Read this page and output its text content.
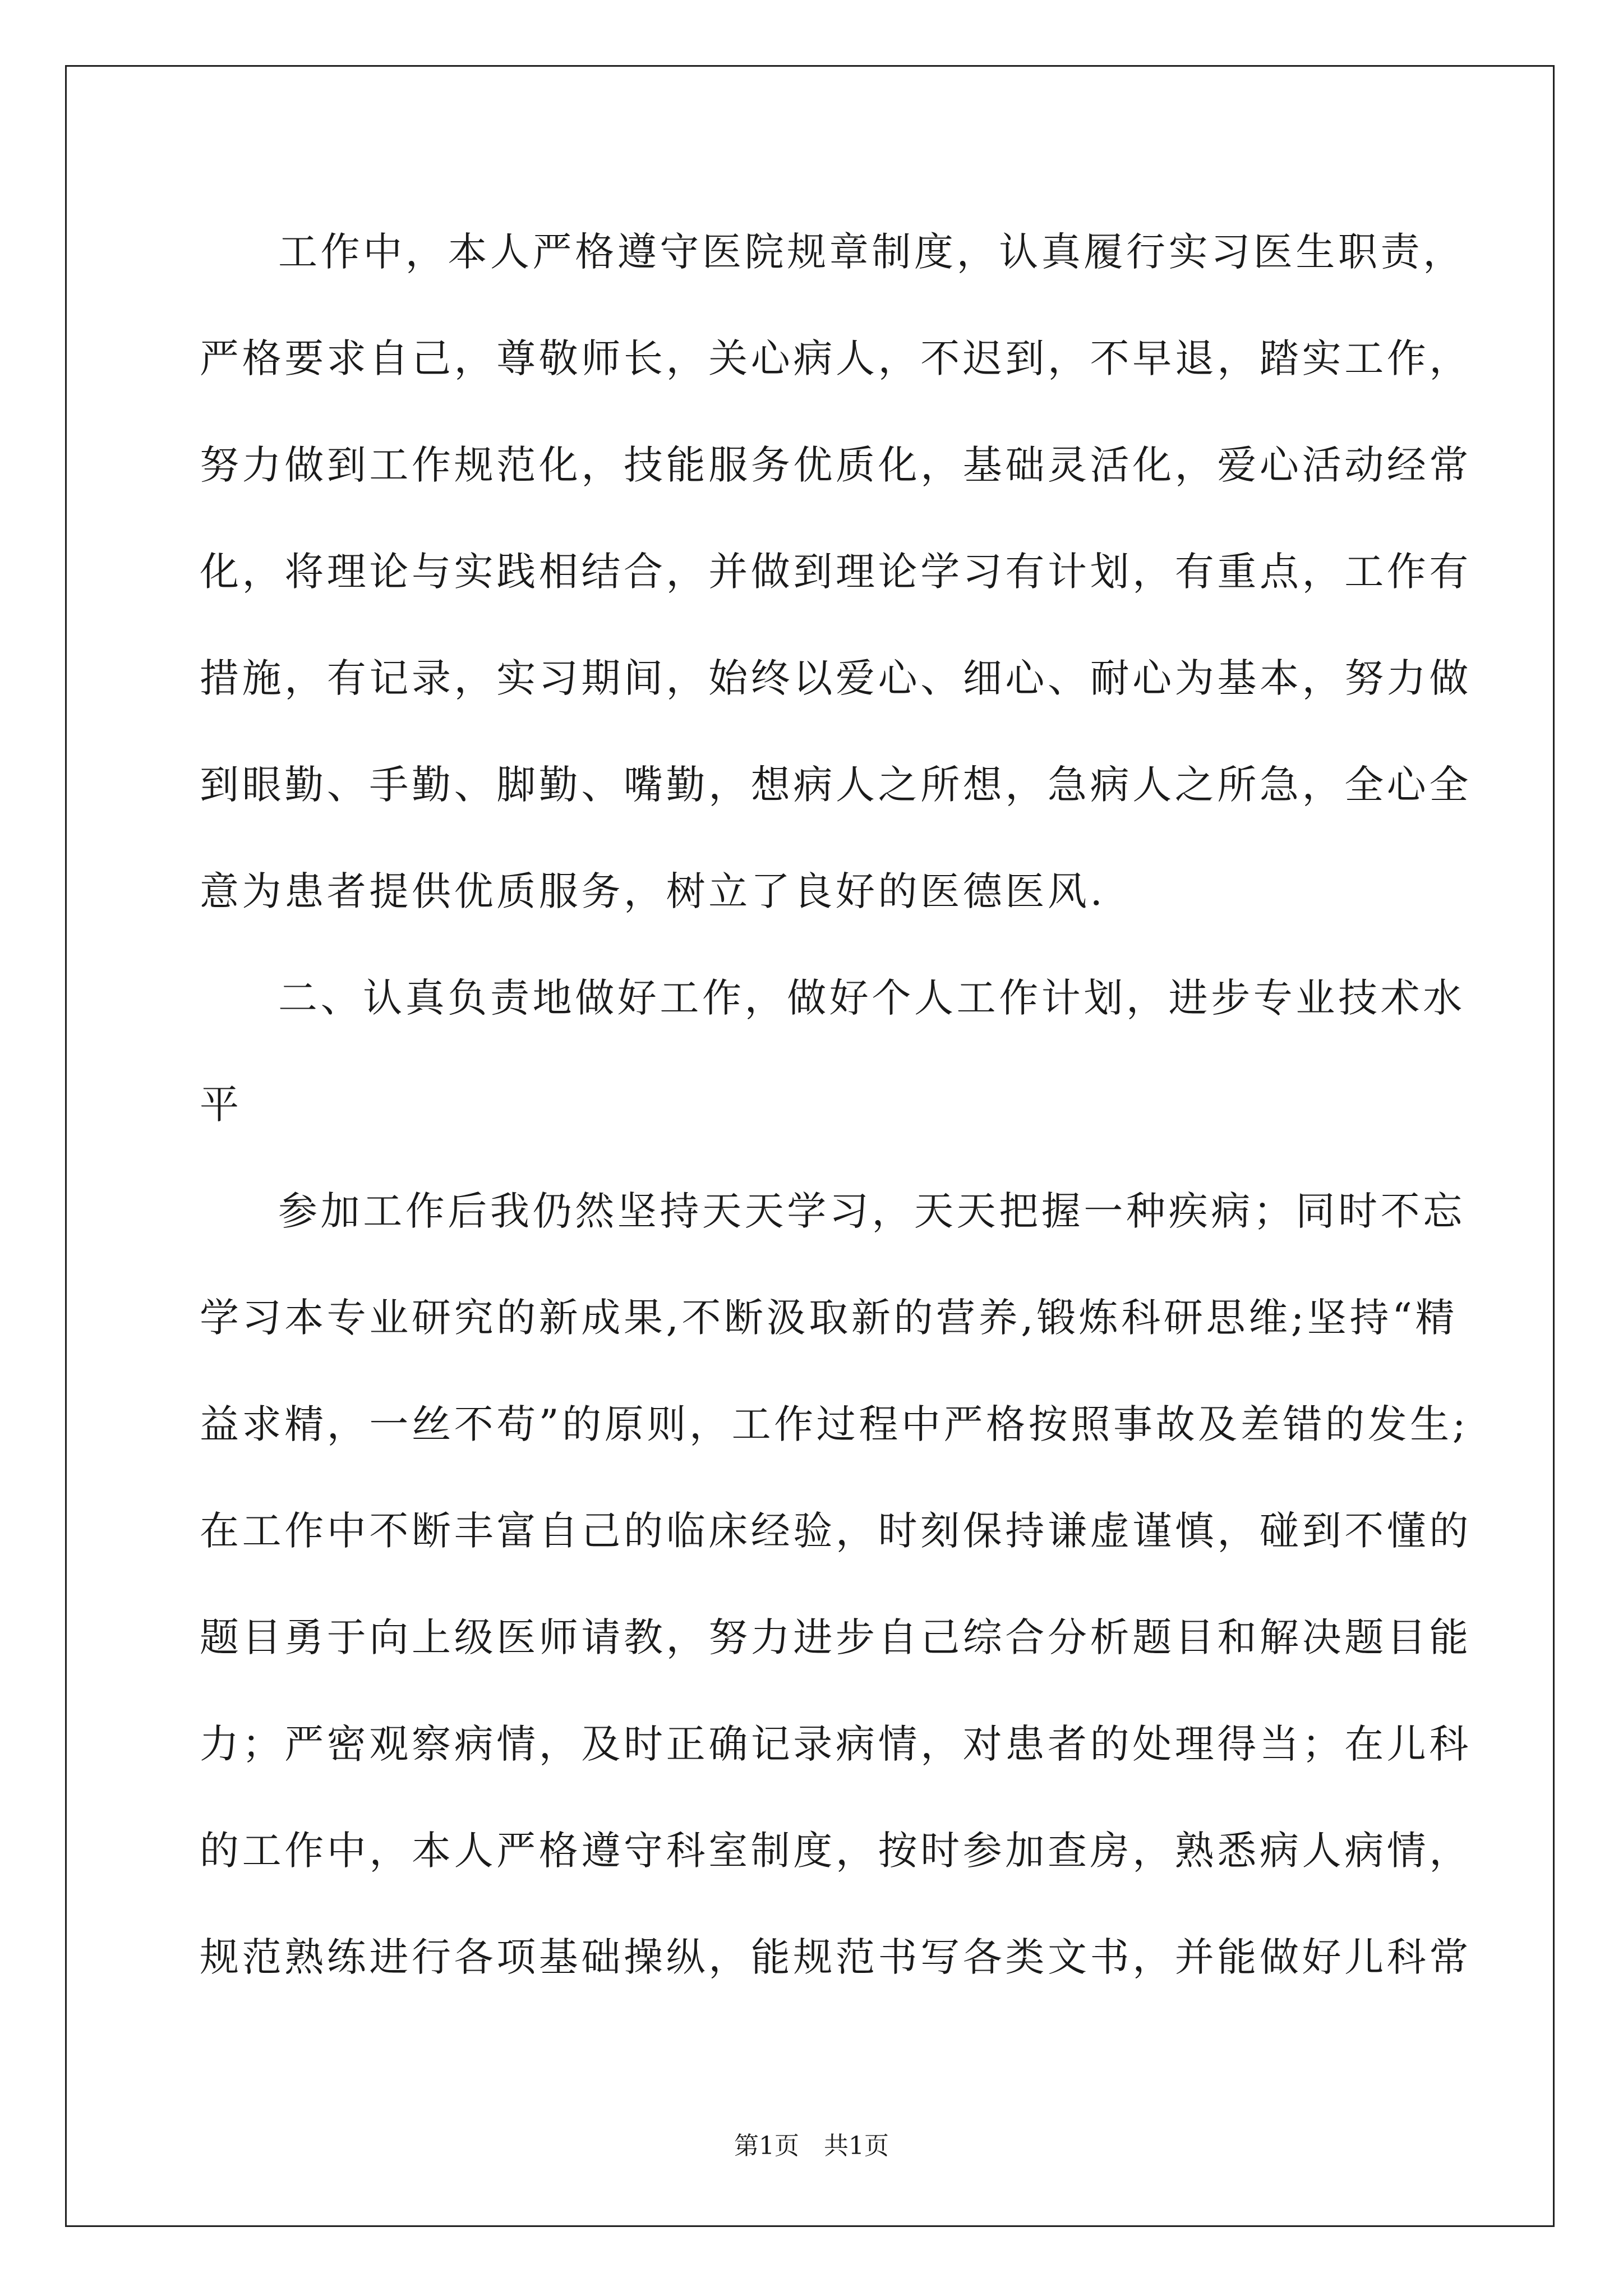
工作中，本人严格遵守医院规章制度，认真履行实习医生职责，
严格要求自己，尊敬师长，关心病人，不迟到，不早退，踏实工作，
努力做到工作规范化，技能服务优质化，基础灵活化，爱心活动经常
化，将理论与实践相结合，并做到理论学习有计划，有重点，工作有
措施，有记录，实习期间，始终以爱心、细心、耐心为基本，努力做
到眼勤、手勤、脚勤、嘴勤，想病人之所想，急病人之所急，全心全
意为患者提供优质服务，树立了良好的医德医风.
二、认真负责地做好工作，做好个人工作计划，进步专业技术水
平
参加工作后我仍然坚持天天学习，天天把握一种疾病；同时不忘
学习本专业研究的新成果,不断汲取新的营养,锻炼科研思维;坚持“精
益求精，一丝不苟”的原则，工作过程中严格按照事故及差错的发生;
在工作中不断丰富自己的临床经验，时刻保持谦虚谨慎，碰到不懂的
题目勇于向上级医师请教，努力进步自己综合分析题目和解决题目能
力；严密观察病情，及时正确记录病情，对患者的处理得当；在儿科
的工作中，本人严格遵守科室制度，按时参加查房，熟悉病人病情，
规范熟练进行各项基础操纵，能规范书写各类文书，并能做好儿科常
第1页 共1页
